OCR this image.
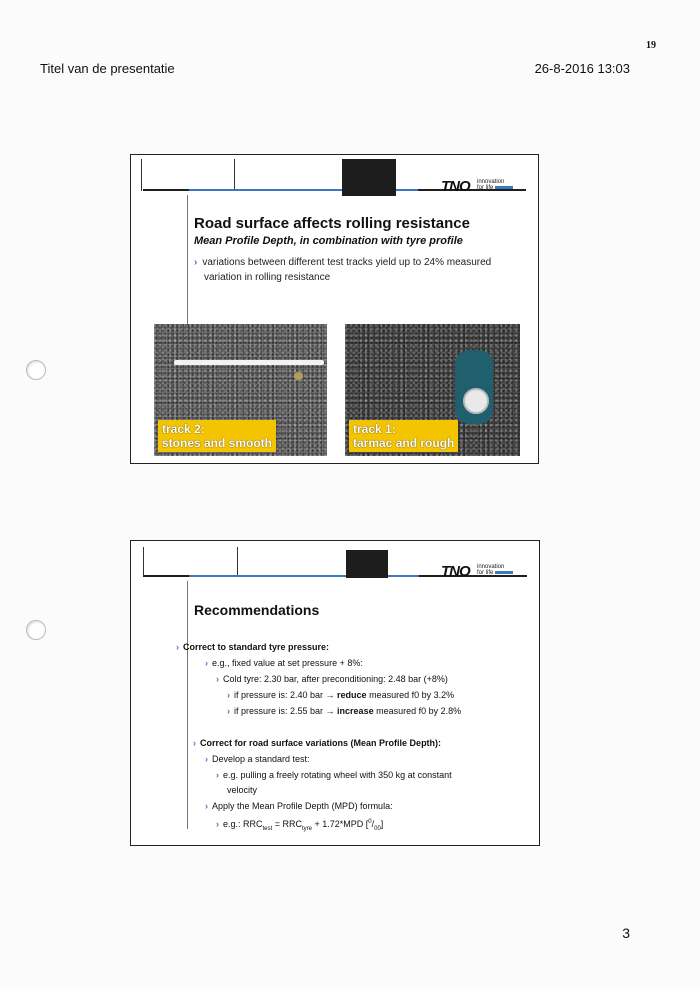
19
Titel van de presentatie	26-8-2016 13:03
TNO innovation
for life
Road surface affects rolling resistance
Mean Profile Depth, in combination with tyre profile
› variations between different test tracks yield up to 24% measured
variation in rolling resistance
track 2:
stones and smooth
track 1:
tarmac and rough
TNO innovation
for life
Recommendations
› Correct to standard tyre pressure:
› e.g., fixed value at set pressure + 8%:
› Cold tyre: 2.30 bar, after preconditioning: 2.48 bar (+8%)
› if pressure is: 2.40 bar → reduce measured f0 by 3.2%
› if pressure is: 2.55 bar → increase measured f0 by 2.8%
› Correct for road surface variations (Mean Profile Depth):
› Develop a standard test:
› e.g. pulling a freely rotating wheel with 350 kg at constant
velocity
› Apply the Mean Profile Depth (MPD) formula:
› e.g.: $RRC_{test} = RRC_{tyre} + 1.72*MPD$ $[^0/_{00}]$
3
